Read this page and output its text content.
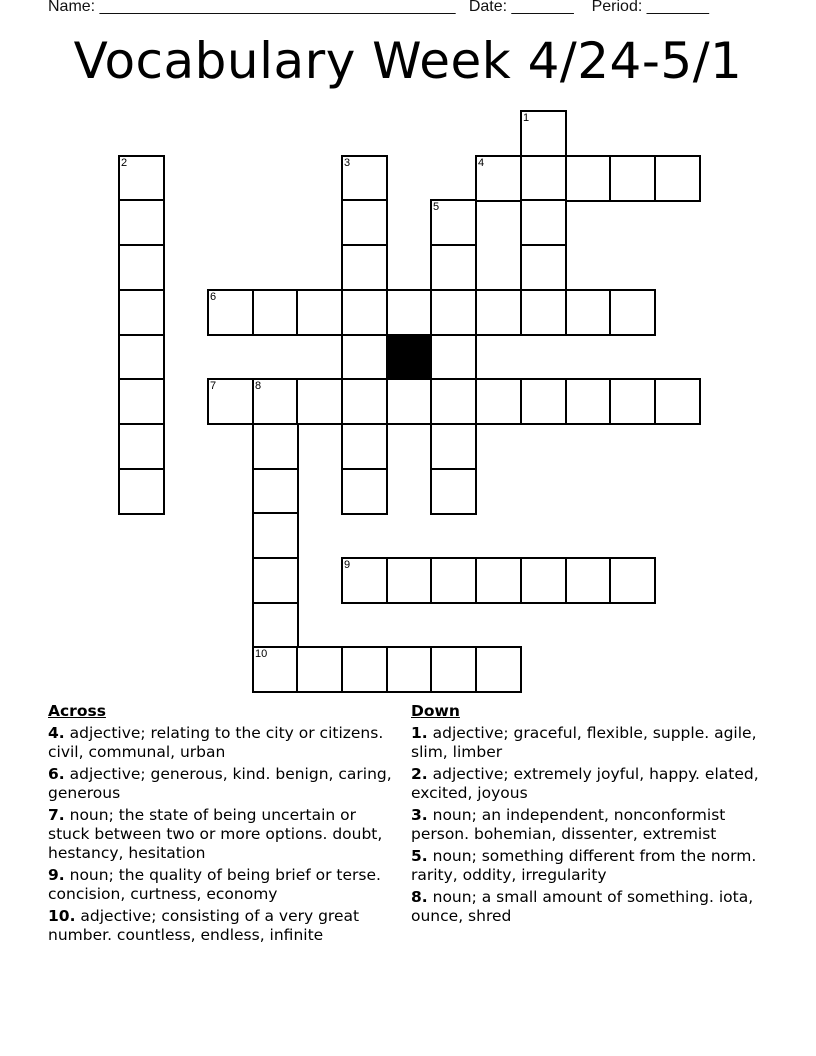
Name: ________________________________________   Date: _______    Period: _______
Vocabulary Week 4/24-5/1
1
2	3	4
5
6
7	8
9
10
Across
4. adjective; relating to the city or citizens. civil, communal, urban
6. adjective; generous, kind. benign, caring, generous
7. noun; the state of being uncertain or stuck between two or more options. doubt, hestancy, hesitation
9. noun; the quality of being brief or terse. concision, curtness, economy
10. adjective; consisting of a very great number. countless, endless, infinite
Down
1. adjective; graceful, flexible, supple. agile, slim, limber
2. adjective; extremely joyful, happy. elated, excited, joyous
3. noun; an independent, nonconformist person. bohemian, dissenter, extremist
5. noun; something different from the norm. rarity, oddity, irregularity
8. noun; a small amount of something. iota, ounce, shred
